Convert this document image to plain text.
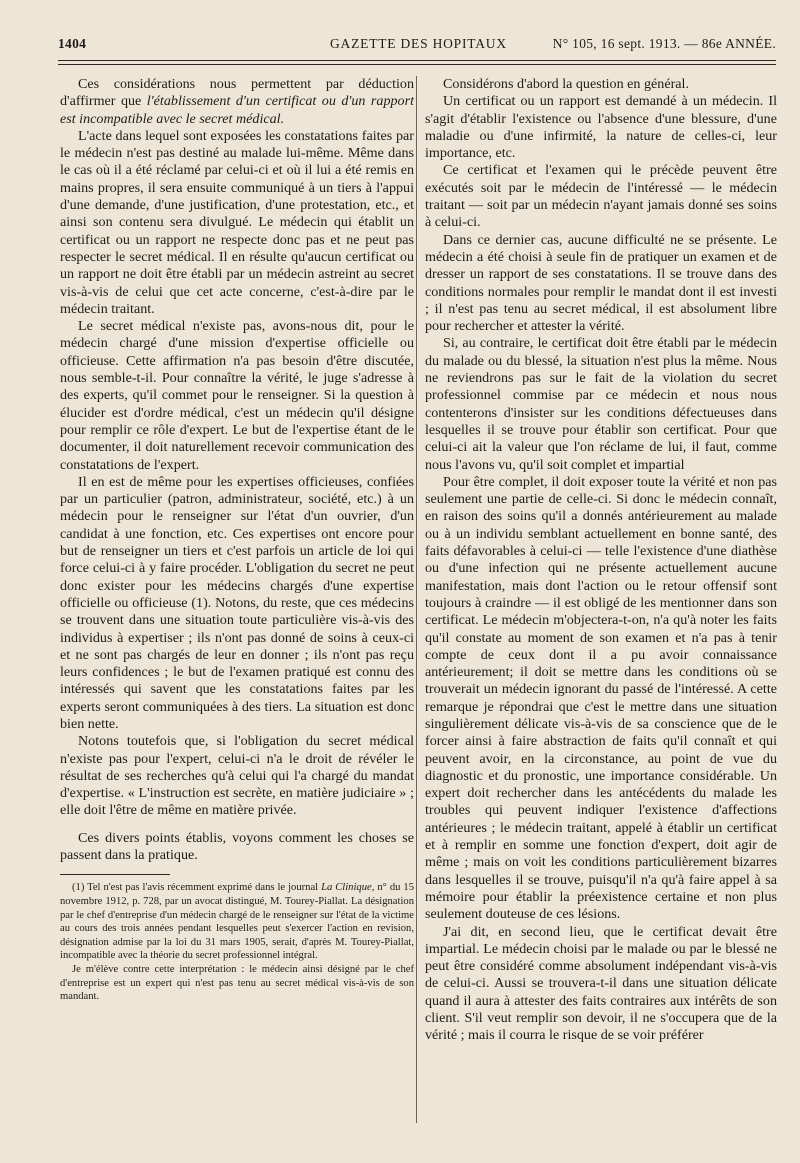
1404	GAZETTE DES HOPITAUX	N° 105, 16 sept. 1913. — 86e ANNÉE.

Ces considérations nous permettent par déduction d'affirmer que l'établissement d'un certificat ou d'un rapport est incompatible avec le secret médical.

L'acte dans lequel sont exposées les constatations faites par le médecin n'est pas destiné au malade lui-même. Même dans le cas où il a été réclamé par celui-ci et où il lui a été remis en mains propres, il sera ensuite communiqué à un tiers à l'appui d'une demande, d'une justification, d'une protestation, etc., et ainsi son contenu sera divulgué. Le médecin qui établit un certificat ou un rapport ne respecte donc pas et ne peut pas respecter le secret médical. Il en résulte qu'aucun certificat ou un rapport ne doit être établi par un médecin astreint au secret vis-à-vis de celui que cet acte concerne, c'est-à-dire par le médecin traitant.

Le secret médical n'existe pas, avons-nous dit, pour le médecin chargé d'une mission d'expertise officielle ou officieuse. Cette affirmation n'a pas besoin d'être discutée, nous semble-t-il. Pour connaître la vérité, le juge s'adresse à des experts, qu'il commet pour le renseigner. Si la question à élucider est d'ordre médical, c'est un médecin qu'il désigne pour remplir ce rôle d'expert. Le but de l'expertise étant de le documenter, il doit naturellement recevoir communication des constatations de l'expert.

Il en est de même pour les expertises officieuses, confiées par un particulier (patron, administrateur, société, etc.) à un médecin pour le renseigner sur l'état d'un ouvrier, d'un candidat à une fonction, etc. Ces expertises ont encore pour but de renseigner un tiers et c'est parfois un article de loi qui force celui-ci à y faire procéder. L'obligation du secret ne peut donc exister pour les médecins chargés d'une expertise officielle ou officieuse (1). Notons, du reste, que ces médecins se trouvent dans une situation toute particulière vis-à-vis des individus à expertiser ; ils n'ont pas donné de soins à ceux-ci et ne sont pas chargés de leur en donner ; ils n'ont pas reçu leurs confidences ; le but de l'examen pratiqué est connu des intéressés qui savent que les constatations faites par les experts seront communiquées à des tiers. La situation est donc bien nette.

Notons toutefois que, si l'obligation du secret médical n'existe pas pour l'expert, celui-ci n'a le droit de révéler le résultat de ses recherches qu'à celui qui l'a chargé du mandat d'expertise. « L'instruction est secrète, en matière judiciaire » ; elle doit l'être de même en matière privée.

Ces divers points établis, voyons comment les choses se passent dans la pratique.

(1) Tel n'est pas l'avis récemment exprimé dans le journal La Clinique, n° du 15 novembre 1912, p. 728, par un avocat distingué, M. Tourey-Piallat. La désignation par le chef d'entreprise d'un médecin chargé de le renseigner sur l'état de la victime au cours des trois années pendant lesquelles peut s'exercer l'action en revision, désignation admise par la loi du 31 mars 1905, serait, d'après M. Tourey-Piallat, incompatible avec la théorie du secret professionnel intégral.

Je m'élève contre cette interprétation : le médecin ainsi désigné par le chef d'entreprise est un expert qui n'est pas tenu au secret médical vis-à-vis de son mandant.

Considérons d'abord la question en général.

Un certificat ou un rapport est demandé à un médecin. Il s'agit d'établir l'existence ou l'absence d'une blessure, d'une maladie ou d'une infirmité, la nature de celles-ci, leur importance, etc.

Ce certificat et l'examen qui le précède peuvent être exécutés soit par le médecin de l'intéressé — le médecin traitant — soit par un médecin n'ayant jamais donné ses soins à celui-ci.

Dans ce dernier cas, aucune difficulté ne se présente. Le médecin a été choisi à seule fin de pratiquer un examen et de dresser un rapport de ses constatations. Il se trouve dans des conditions normales pour remplir le mandat dont il est investi ; il n'est pas tenu au secret médical, il est absolument libre pour rechercher et attester la vérité.

Si, au contraire, le certificat doit être établi par le médecin du malade ou du blessé, la situation n'est plus la même. Nous ne reviendrons pas sur le fait de la violation du secret professionnel commise par ce médecin et nous nous contenterons d'insister sur les conditions défectueuses dans lesquelles il se trouve pour établir son certificat. Pour que celui-ci ait la valeur que l'on réclame de lui, il faut, comme nous l'avons vu, qu'il soit complet et impartial

Pour être complet, il doit exposer toute la vérité et non pas seulement une partie de celle-ci. Si donc le médecin connaît, en raison des soins qu'il a donnés antérieurement au malade ou à un individu semblant actuellement en bonne santé, des faits défavorables à celui-ci — telle l'existence d'une diathèse ou d'une infection qui ne présente actuellement aucune manifestation, mais dont l'action ou le retour offensif sont toujours à craindre — il est obligé de les mentionner dans son certificat. Le médecin m'objectera-t-on, n'a qu'à noter les faits qu'il constate au moment de son examen et n'a pas à tenir compte de ceux dont il a pu avoir connaissance antérieurement; il doit se mettre dans les conditions où se trouverait un médecin ignorant du passé de l'intéressé. A cette remarque je répondrai que c'est le mettre dans une situation singulièrement délicate vis-à-vis de sa conscience que de le forcer ainsi à faire abstraction de faits qu'il connaît et qui peuvent avoir, en la circonstance, au point de vue du diagnostic et du pronostic, une importance considérable. Un expert doit rechercher dans les antécédents du malade les troubles qui peuvent indiquer l'existence d'affections antérieures ; le médecin traitant, appelé à établir un certificat et à remplir en somme une fonction d'expert, doit agir de même ; mais on voit les conditions particulièrement bizarres dans lesquelles il se trouve, puisqu'il n'a qu'à faire appel à sa mémoire pour établir la préexistence certaine et non plus seulement douteuse de ces lésions.

J'ai dit, en second lieu, que le certificat devait être impartial. Le médecin choisi par le malade ou par le blessé ne peut être considéré comme absolument indépendant vis-à-vis de celui-ci. Aussi se trouvera-t-il dans une situation délicate quand il aura à attester des faits contraires aux intérêts de son client. S'il veut remplir son devoir, il ne s'occupera que de la vérité ; mais il courra le risque de se voir préférer
